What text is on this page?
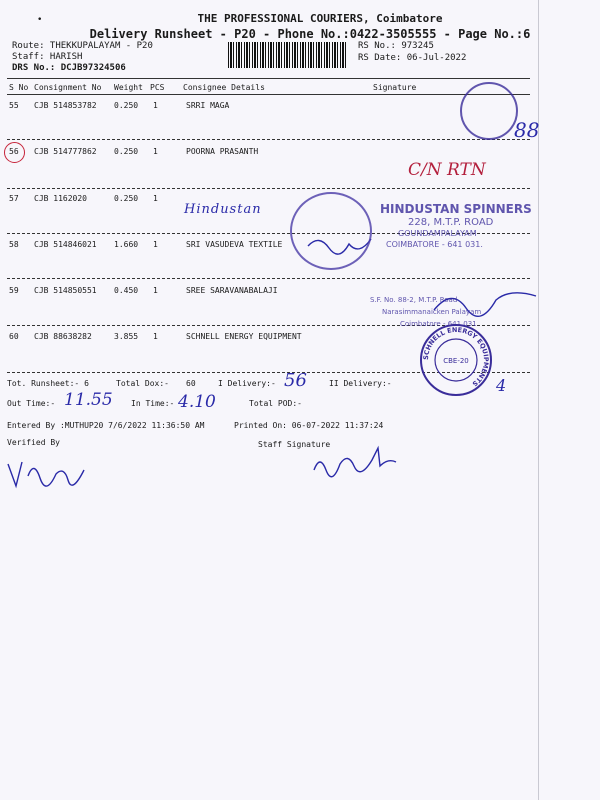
•	THE PROFESSIONAL COURIERS, Coimbatore
Delivery Runsheet - P20 - Phone No.:0422-3505555 - Page No.:6
Route: THEKKUPALAYAM - P20
Staff: HARISH
DRS No.: DCJB97324506
RS No.: 973245
RS Date: 06-Jul-2022
S No Consignment No Weight PCS Consignee Details	Signature
55 CJB 514853782 0.250 1	SRRI MAGA
56 CJB 514777862 0.250 1	POORNA PRASANTH
57 CJB 1162020	0.250 1
58 CJB 514846021 1.660 1	SRI VASUDEVA TEXTILE
59 CJB 514850551 0.450 1	SREE SARAVANABALAJI
60 CJB 88638282	3.855 1	SCHNELL ENERGY EQUIPMENT
88
C/N RTN
Hindustan	HINDUSTAN SPINNERS
228, M.T.P. ROAD
GOUNDAMPALAYAM
COIMBATORE - 641 031.
S.F. No. 88-2, M.T.P. Road
Narasimmanaicken Palayam
Coimbatore - 641 031
SCHNELL ENERGY EQUIPMENTS
CBE-20
Tot. Runsheet:- 6	Total Dox:- 60	I Delivery:- 56	II Delivery:-	4
Out Time:- 11.55 In Time:- 4.10	Total POD:-
Entered By :MUTHUP20 7/6/2022 11:36:50 AM	Printed On: 06-07-2022 11:37:24
Verified By	Staff Signature
